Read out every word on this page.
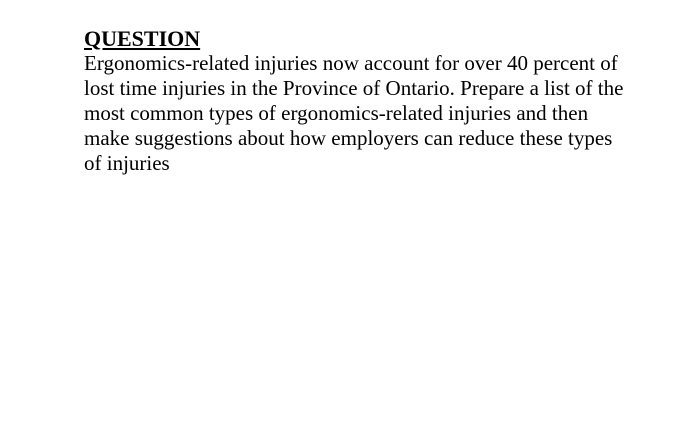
QUESTION
Ergonomics-related injuries now account for over 40 percent of
lost time injuries in the Province of Ontario. Prepare a list of the
most common types of ergonomics-related injuries and then
make suggestions about how employers can reduce these types
of injuries
